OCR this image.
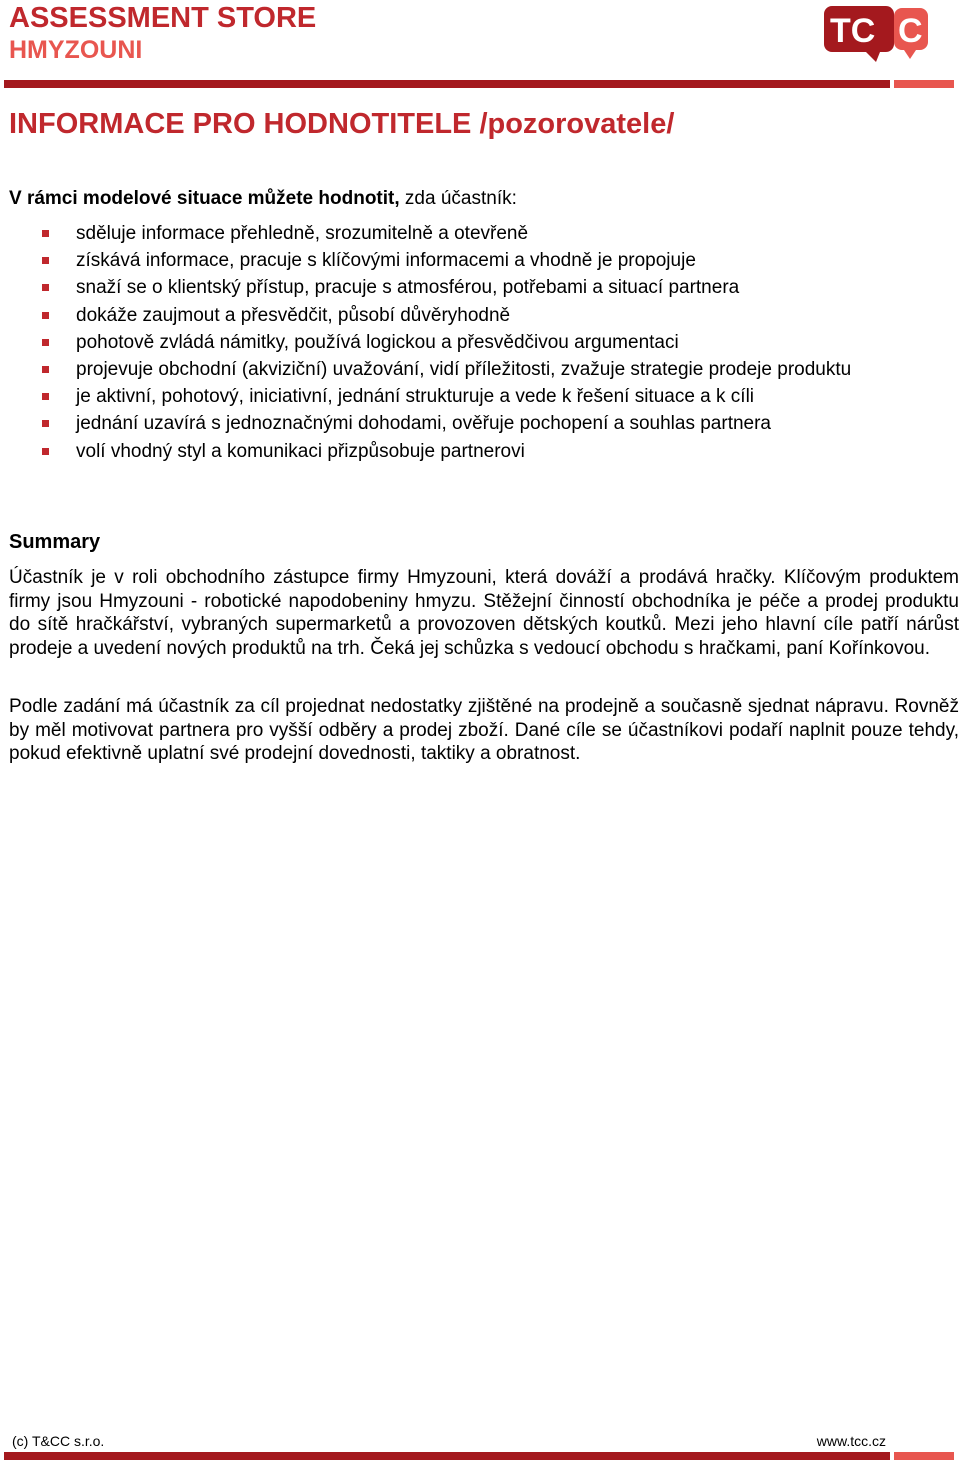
ASSESSMENT STORE
HMYZOUNI	TC C
INFORMACE PRO HODNOTITELE /pozorovatele/
V rámci modelové situace můžete hodnotit, zda účastník:
sděluje informace přehledně, srozumitelně a otevřeně
získává informace, pracuje s klíčovými informacemi a vhodně je propojuje
snaží se o klientský přístup, pracuje s atmosférou, potřebami a situací partnera
dokáže zaujmout a přesvědčit, působí důvěryhodně
pohotově zvládá námitky, používá logickou a přesvědčivou argumentaci
projevuje obchodní (akviziční) uvažování, vidí příležitosti, zvažuje strategie prodeje produktu
je aktivní, pohotový, iniciativní, jednání strukturuje a vede k řešení situace a k cíli
jednání uzavírá s jednoznačnými dohodami, ověřuje pochopení a souhlas partnera
volí vhodný styl a komunikaci přizpůsobuje partnerovi
Summary

Účastník je v roli obchodního zástupce firmy Hmyzouni, která dováží a prodává hračky. Klíčovým produktem firmy jsou Hmyzouni - robotické napodobeniny hmyzu. Stěžejní činností obchodníka je péče a prodej produktu do sítě hračkářství, vybraných supermarketů a provozoven dětských koutků. Mezi jeho hlavní cíle patří nárůst prodeje a uvedení nových produktů na trh. Čeká jej schůzka s vedoucí obchodu s hračkami, paní Kořínkovou.

Podle zadání má účastník za cíl projednat nedostatky zjištěné na prodejně a současně sjednat nápravu. Rovněž by měl motivovat partnera pro vyšší odběry a prodej zboží. Dané cíle se účastníkovi podaří naplnit pouze tehdy, pokud efektivně uplatní své prodejní dovednosti, taktiky a obratnost.

(c) T&CC s.r.o.	www.tcc.cz
